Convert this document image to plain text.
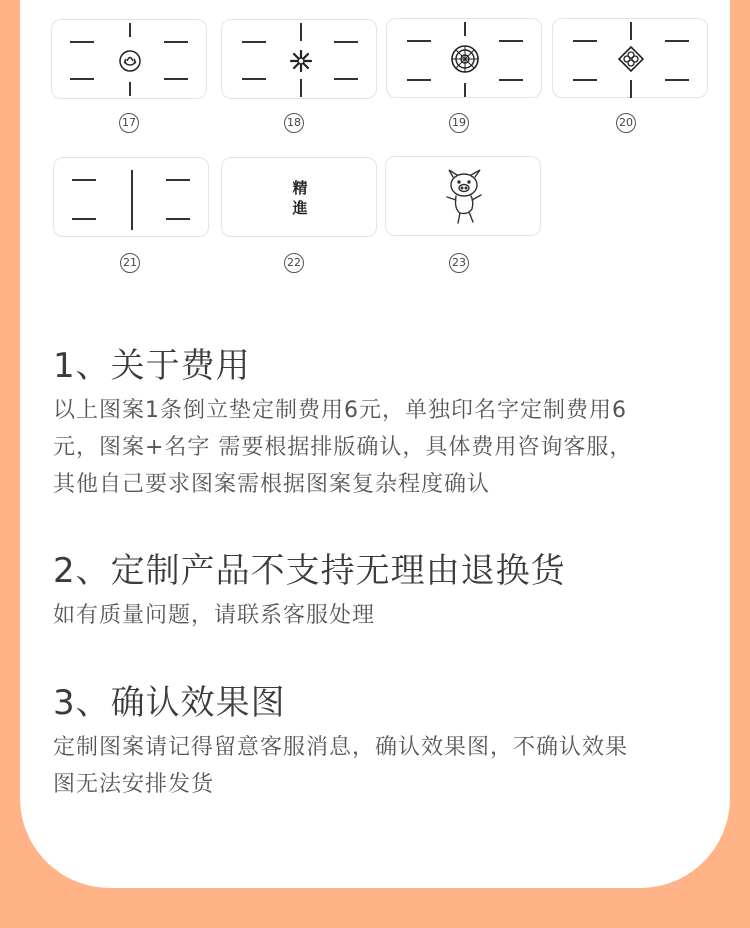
17	18	19	20
21
精
進
22	23
1、关于费用
以上图案1条倒立垫定制费用6元，单独印名字定制费用6
元，图案+名字 需要根据排版确认，具体费用咨询客服，
其他自己要求图案需根据图案复杂程度确认
2、定制产品不支持无理由退换货
如有质量问题，请联系客服处理
3、确认效果图
定制图案请记得留意客服消息，确认效果图，不确认效果
图无法安排发货
